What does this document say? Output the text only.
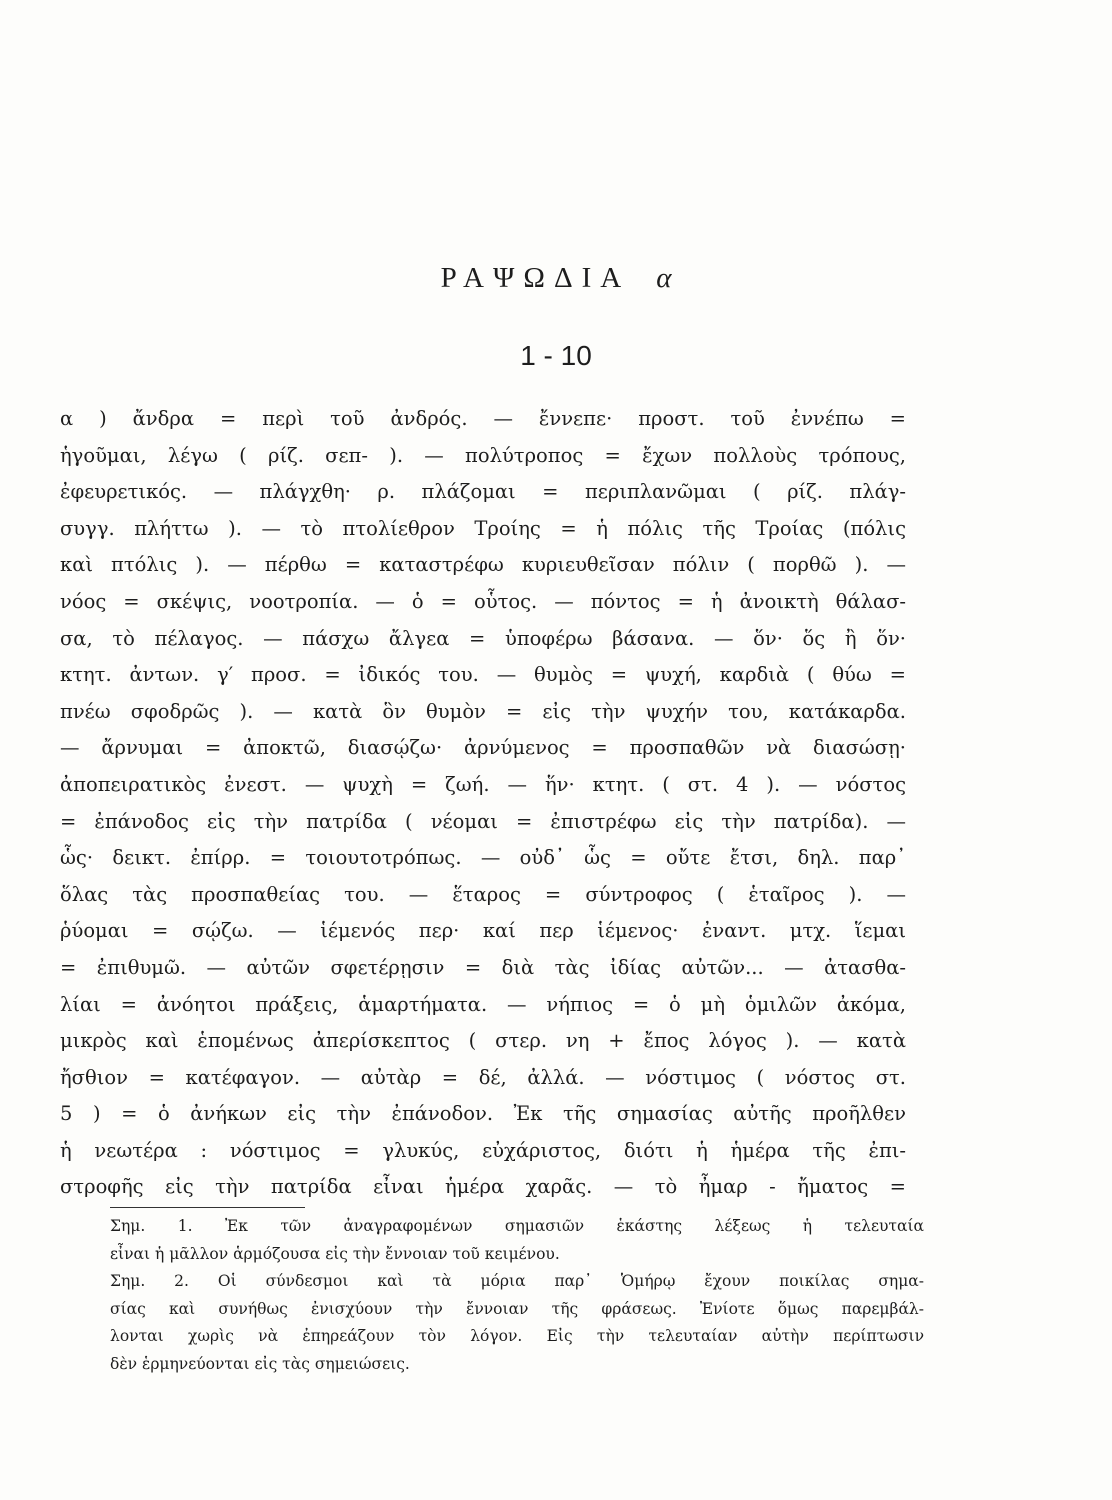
ΡΑΨΩΔΙΑ α
1 - 10
α ) ἄνδρα = περὶ τοῦ ἀνδρός. — ἔννεπε· προστ. τοῦ ἐννέπω =
ἡγοῦμαι, λέγω ( ρίζ. σεπ- ). — πολύτροπος = ἔχων πολλοὺς τρόπους,
ἐφευρετικός. — πλάγχθη· ρ. πλάζομαι = περιπλανῶμαι ( ρίζ. πλάγ-
συγγ. πλήττω ). — τὸ πτολίεθρον Τροίης = ἡ πόλις τῆς Τροίας (πόλις
καὶ πτόλις ). — πέρθω = καταστρέφω κυριευθεῖσαν πόλιν ( πορθῶ ). —
νόος = σκέψις, νοοτροπία. — ὁ = οὗτος. — πόντος = ἡ ἀνοικτὴ θάλασ-
σα, τὸ πέλαγος. — πάσχω ἄλγεα = ὑποφέρω βάσανα. — ὅν· ὅς ἢ ὅν·
κτητ. ἀντων. γ′ προσ. = ἰδικός του. — θυμὸς = ψυχή, καρδιὰ ( θύω =
πνέω σφοδρῶς ). — κατὰ ὃν θυμὸν = εἰς τὴν ψυχήν του, κατάκαρδα.
— ἄρνυμαι = ἀποκτῶ, διασῴζω· ἀρνύμενος = προσπαθῶν νὰ διασώσῃ·
ἀποπειρατικὸς ἐνεστ. — ψυχὴ = ζωή. — ἥν· κτητ. ( στ. 4 ). — νόστος
= ἐπάνοδος εἰς τὴν πατρίδα ( νέομαι = ἐπιστρέφω εἰς τὴν πατρίδα). —
ὧς· δεικτ. ἐπίρρ. = τοιουτοτρόπως. — οὐδ᾽ ὧς = οὔτε ἔτσι, δηλ. παρ᾽
ὅλας τὰς προσπαθείας του. — ἕταρος = σύντροφος ( ἑταῖρος ). —
ῥύομαι = σῴζω. — ἱέμενός περ· καί περ ἱέμενος· ἐναντ. μτχ. ἵεμαι
= ἐπιθυμῶ. — αὐτῶν σφετέρῃσιν = διὰ τὰς ἰδίας αὐτῶν... — ἀτασθα-
λίαι = ἀνόητοι πράξεις, ἁμαρτήματα. — νήπιος = ὁ μὴ ὁμιλῶν ἀκόμα,
μικρὸς καὶ ἑπομένως ἀπερίσκεπτος ( στερ. νη + ἔπος λόγος ). — κατὰ
ἤσθιον = κατέφαγον. — αὐτὰρ = δέ, ἀλλά. — νόστιμος ( νόστος στ.
5 ) = ὁ ἀνήκων εἰς τὴν ἐπάνοδον. Ἐκ τῆς σημασίας αὐτῆς προῆλθεν
ἡ νεωτέρα : νόστιμος = γλυκύς, εὐχάριστος, διότι ἡ ἡμέρα τῆς ἐπι-
στροφῆς εἰς τὴν πατρίδα εἶναι ἡμέρα χαρᾶς. — τὸ ἦμαρ - ἤματος =
Σημ. 1. Ἐκ τῶν ἀναγραφομένων σημασιῶν ἑκάστης λέξεως ἡ τελευταία
εἶναι ἡ μᾶλλον ἁρμόζουσα εἰς τὴν ἔννοιαν τοῦ κειμένου.
Σημ. 2. Οἱ σύνδεσμοι καὶ τὰ μόρια παρ᾽ Ὁμήρῳ ἔχουν ποικίλας σημα-
σίας καὶ συνήθως ἐνισχύουν τὴν ἔννοιαν τῆς φράσεως. Ἐνίοτε ὅμως παρεμβάλ-
λονται χωρὶς νὰ ἐπηρεάζουν τὸν λόγον. Εἰς τὴν τελευταίαν αὐτὴν περίπτωσιν
δὲν ἑρμηνεύονται εἰς τὰς σημειώσεις.
